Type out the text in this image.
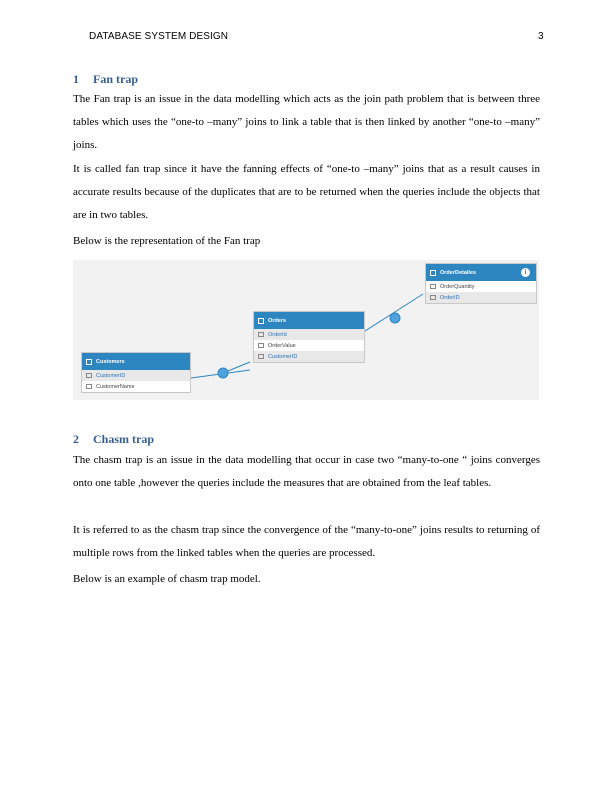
DATABASE SYSTEM DESIGN	3
1 Fan trap
The Fan trap is an issue in the data modelling which acts as the join path problem that is between three tables which uses the “one-to –many” joins to link a table that is then linked by another “one-to –many” joins.
It is called fan trap since it have the fanning effects of “one-to –many” joins that as a result causes in accurate results because of the duplicates that are to be returned when the queries include the objects that are in two tables.
Below is the representation of the Fan trap
Customers
CustomerID
CustomerName
Orders
OrderId
OrderValue
CustomerID
OrderDetailes	i
OrderQuantity
OrderID
2 Chasm trap
The chasm trap is an issue in the data modelling that occur in case two “many-to-one “ joins converges onto one table ,however the queries include the measures that are obtained from the leaf tables.
It is referred to as the chasm trap since the convergence of the “many-to-one” joins results to returning of multiple rows from the linked tables when the queries are processed.
Below is an example of chasm trap model.
